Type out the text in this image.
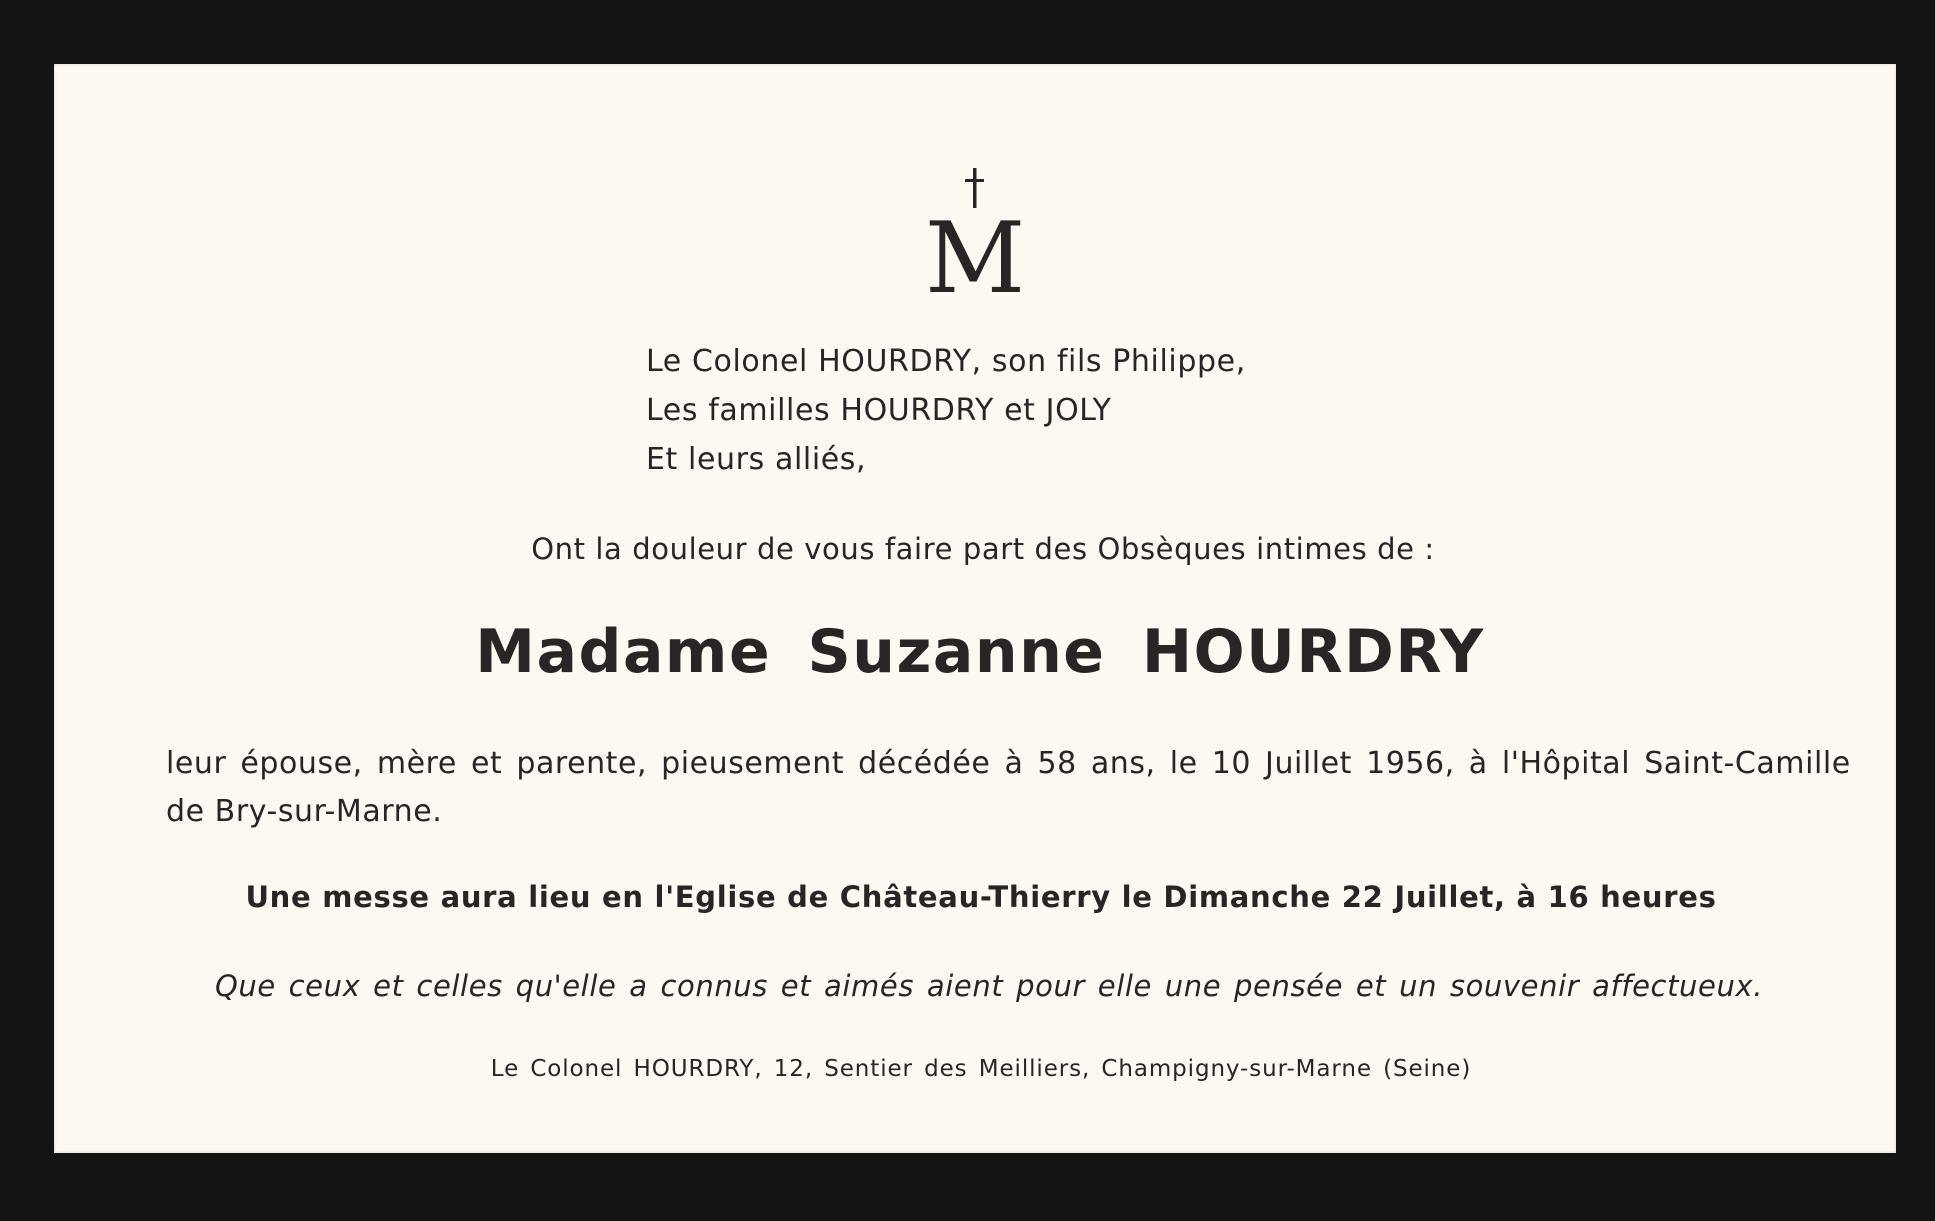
M
Le Colonel HOURDRY, son fils Philippe,
Les familles HOURDRY et JOLY
Et leurs alliés,
Ont la douleur de vous faire part des Obsèques intimes de :
Madame Suzanne HOURDRY
leur épouse, mère et parente, pieusement décédée à 58 ans, le 10 Juillet 1956, à l'Hôpital Saint-Camille
de Bry-sur-Marne.
Une messe aura lieu en l'Eglise de Château-Thierry le Dimanche 22 Juillet, à 16 heures
Que ceux et celles qu'elle a connus et aimés aient pour elle une pensée et un souvenir affectueux.
Le Colonel HOURDRY, 12, Sentier des Meilliers, Champigny-sur-Marne (Seine)
